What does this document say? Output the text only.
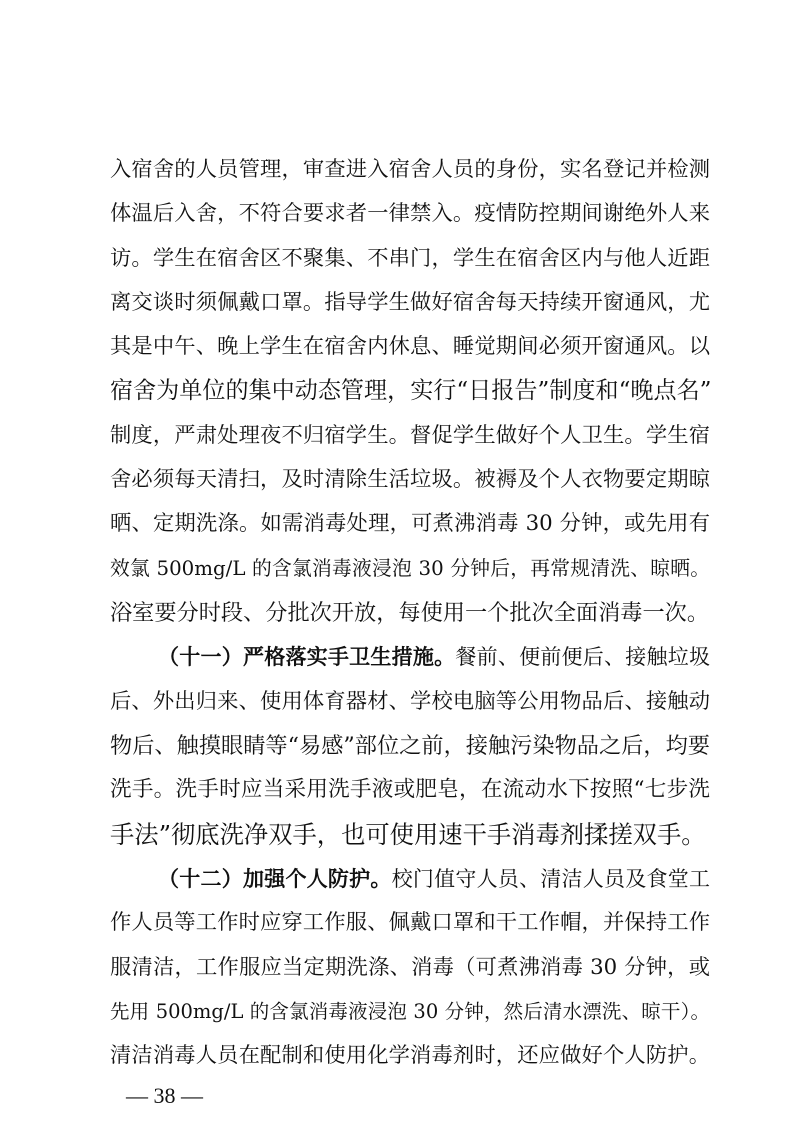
入宿舍的人员管理，审查进入宿舍人员的身份，实名登记并检测
体温后入舍，不符合要求者一律禁入。疫情防控期间谢绝外人来
访。学生在宿舍区不聚集、不串门，学生在宿舍区内与他人近距
离交谈时须佩戴口罩。指导学生做好宿舍每天持续开窗通风，尤
其是中午、晚上学生在宿舍内休息、睡觉期间必须开窗通风。以
宿舍为单位的集中动态管理，实行“日报告”制度和“晚点名”
制度，严肃处理夜不归宿学生。督促学生做好个人卫生。学生宿
舍必须每天清扫，及时清除生活垃圾。被褥及个人衣物要定期晾
晒、定期洗涤。如需消毒处理，可煮沸消毒 30 分钟，或先用有
效氯 500mg/L 的含氯消毒液浸泡 30 分钟后，再常规清洗、晾晒。
浴室要分时段、分批次开放，每使用一个批次全面消毒一次。
（十一）严格落实手卫生措施。餐前、便前便后、接触垃圾
后、外出归来、使用体育器材、学校电脑等公用物品后、接触动
物后、触摸眼睛等“易感”部位之前，接触污染物品之后，均要
洗手。洗手时应当采用洗手液或肥皂，在流动水下按照“七步洗
手法”彻底洗净双手，也可使用速干手消毒剂揉搓双手。
（十二）加强个人防护。校门值守人员、清洁人员及食堂工
作人员等工作时应穿工作服、佩戴口罩和干工作帽，并保持工作
服清洁，工作服应当定期洗涤、消毒（可煮沸消毒 30 分钟，或
先用 500mg/L 的含氯消毒液浸泡 30 分钟，然后清水漂洗、晾干）。
清洁消毒人员在配制和使用化学消毒剂时，还应做好个人防护。
— 38 —
